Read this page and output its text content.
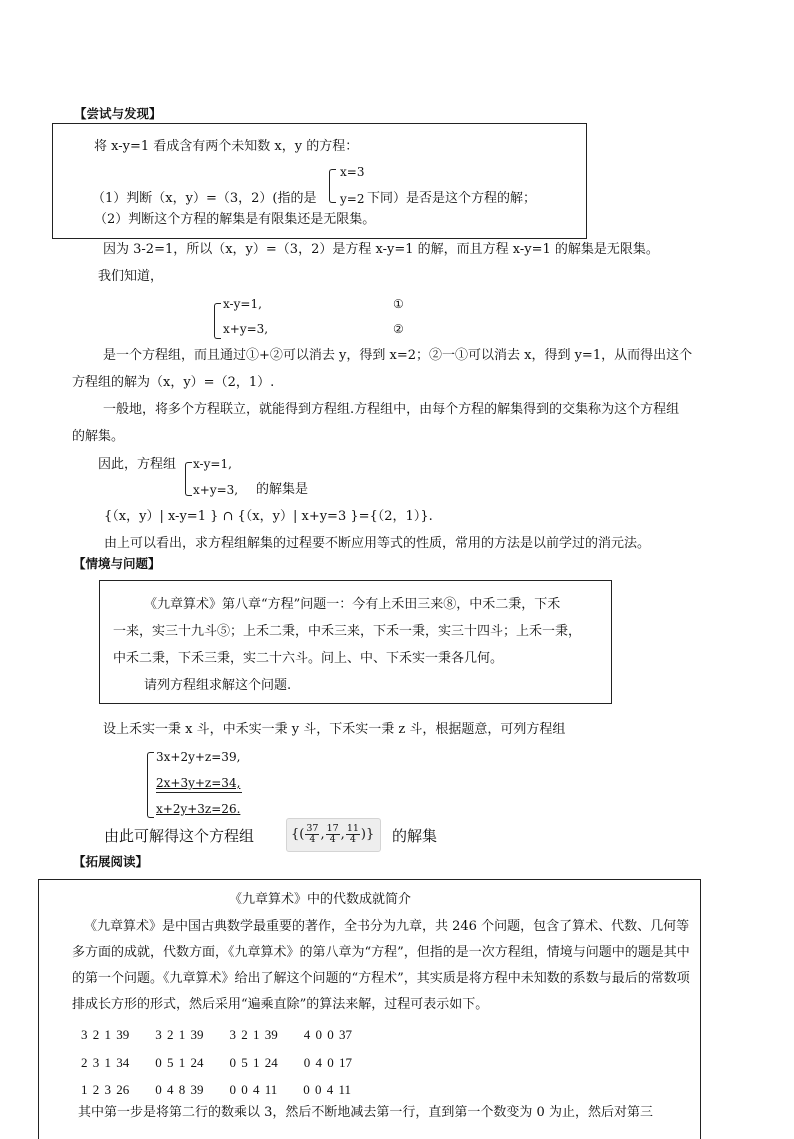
【尝试与发现】
将 x-y=1 看成含有两个未知数 x，y 的方程：
x=3
（1）判断（x，y）=（3，2）(指的是 y=2 下同）是否是这个方程的解；
（2）判断这个方程的解集是有限集还是无限集。
因为 3-2=1，所以（x，y）=（3，2）是方程 x-y=1 的解，而且方程 x-y=1 的解集是无限集。
我们知道，
x-y=1,	①
x+y=3,	②
是一个方程组，而且通过①+②可以消去 y，得到 x=2；②一①可以消去 x，得到 y=1，从而得出这个
方程组的解为（x，y）=（2，1）.
一般地，将多个方程联立，就能得到方程组.方程组中，由每个方程的解集得到的交集称为这个方程组
的解集。
因此，方程组 x-y=1,
x+y=3, 的解集是
{（x，y）| x-y=1 } ∩ {（x，y）| x+y=3 }={（2，1）}.
由上可以看出，求方程组解集的过程要不断应用等式的性质，常用的方法是以前学过的消元法。
【情境与问题】
《九章算术》第八章“方程”问题一：今有上禾田三来⑧，中禾二秉，下禾
一来，实三十九斗⑤；上禾二秉，中禾三来，下禾一秉，实三十四斗；上禾一秉，
中禾二秉，下禾三秉，实二十六斗。问上、中、下禾实一秉各几何。
请列方程组求解这个问题.
设上禾实一秉 x 斗，中禾实一秉 y 斗，下禾实一秉 z 斗，根据题意，可列方程组
3x+2y+z=39,
2x+3y+z=34,
x+2y+3z=26.
由此可解得这个方程组	{( $\frac{37}{4}$ , $\frac{17}{4}$ , $\frac{11}{4}$ )} 的解集
【拓展阅读】
《九章算术》中的代数成就简介
《九章算术》是中国古典数学最重要的著作，全书分为九章，共 246 个问题，包含了算术、代数、几何等多方面的成就，代数方面，《九章算术》的第八章为“方程”，但指的是一次方程组，情境与问题中的题是其中的第一个问题。《九章算术》给出了解这个问题的“方程术”，其实质是将方程中未知数的系数与最后的常数项排成长方形的形式，然后采用“遍乘直除”的算法来解，过程可表示如下。
3 2 1 39　　3 2 1 39　　3 2 1 39　　4 0 0 37
2 3 1 34　　0 5 1 24　　0 5 1 24　　0 4 0 17
1 2 3 26　　0 4 8 39　　0 0 4 11　　0 0 4 11
其中第一步是将第二行的数乘以 3，然后不断地减去第一行，直到第一个数变为 0 为止，然后对第三
